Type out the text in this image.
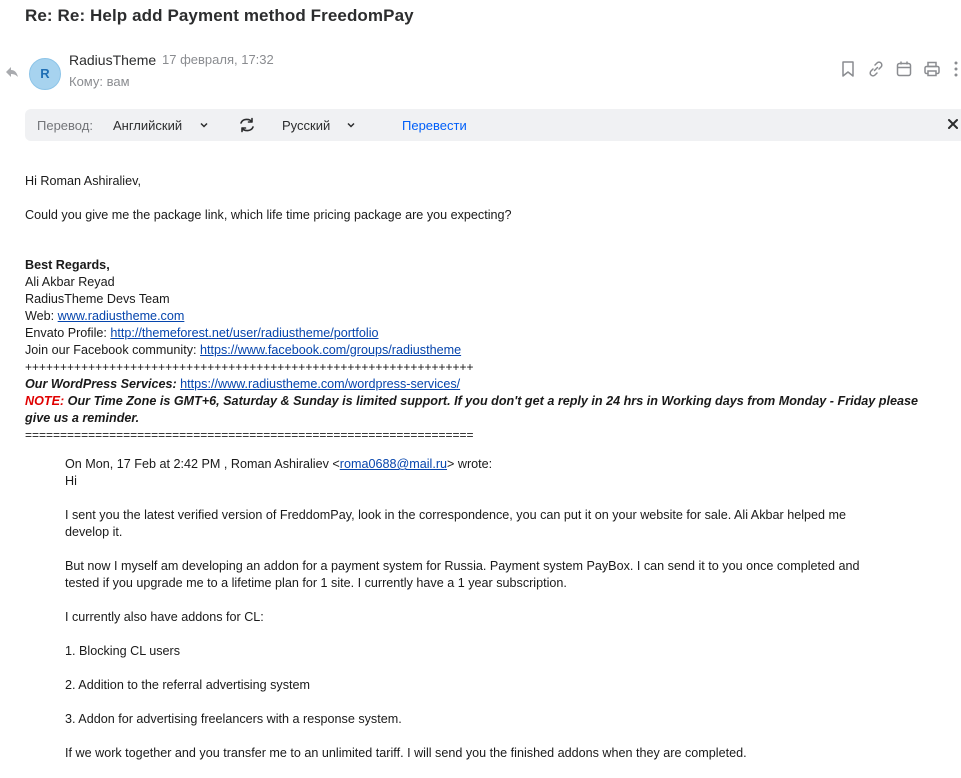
Re: Re: Help add Payment method FreedomPay
R
RadiusTheme 17 февраля, 17:32
Кому: вам
Перевод: Английский	Русский	Перевести
Hi Roman Ashiraliev,
Could you give me the package link, which life time pricing package are you expecting?
Best Regards,
Ali Akbar Reyad
RadiusTheme Devs Team
Web: www.radiustheme.com
Envato Profile: http://themeforest.net/user/radiustheme/portfolio
Join our Facebook community: https://www.facebook.com/groups/radiustheme
++++++++++++++++++++++++++++++++++++++++++++++++++++++++++++++++
Our WordPress Services: https://www.radiustheme.com/wordpress-services/
NOTE: Our Time Zone is GMT+6, Saturday & Sunday is limited support. If you don't get a reply in 24 hrs in Working days from Monday - Friday please
give us a reminder.
================================================================
On Mon, 17 Feb at 2:42 PM , Roman Ashiraliev <roma0688@mail.ru> wrote:
Hi
I sent you the latest verified version of FreddomPay, look in the correspondence, you can put it on your website for sale. Ali Akbar helped me
develop it.
But now I myself am developing an addon for a payment system for Russia. Payment system PayBox. I can send it to you once completed and
tested if you upgrade me to a lifetime plan for 1 site. I currently have a 1 year subscription.
I currently also have addons for CL:
1. Blocking CL users
2. Addition to the referral advertising system
3. Addon for advertising freelancers with a response system.
If we work together and you transfer me to an unlimited tariff. I will send you the finished addons when they are completed.
